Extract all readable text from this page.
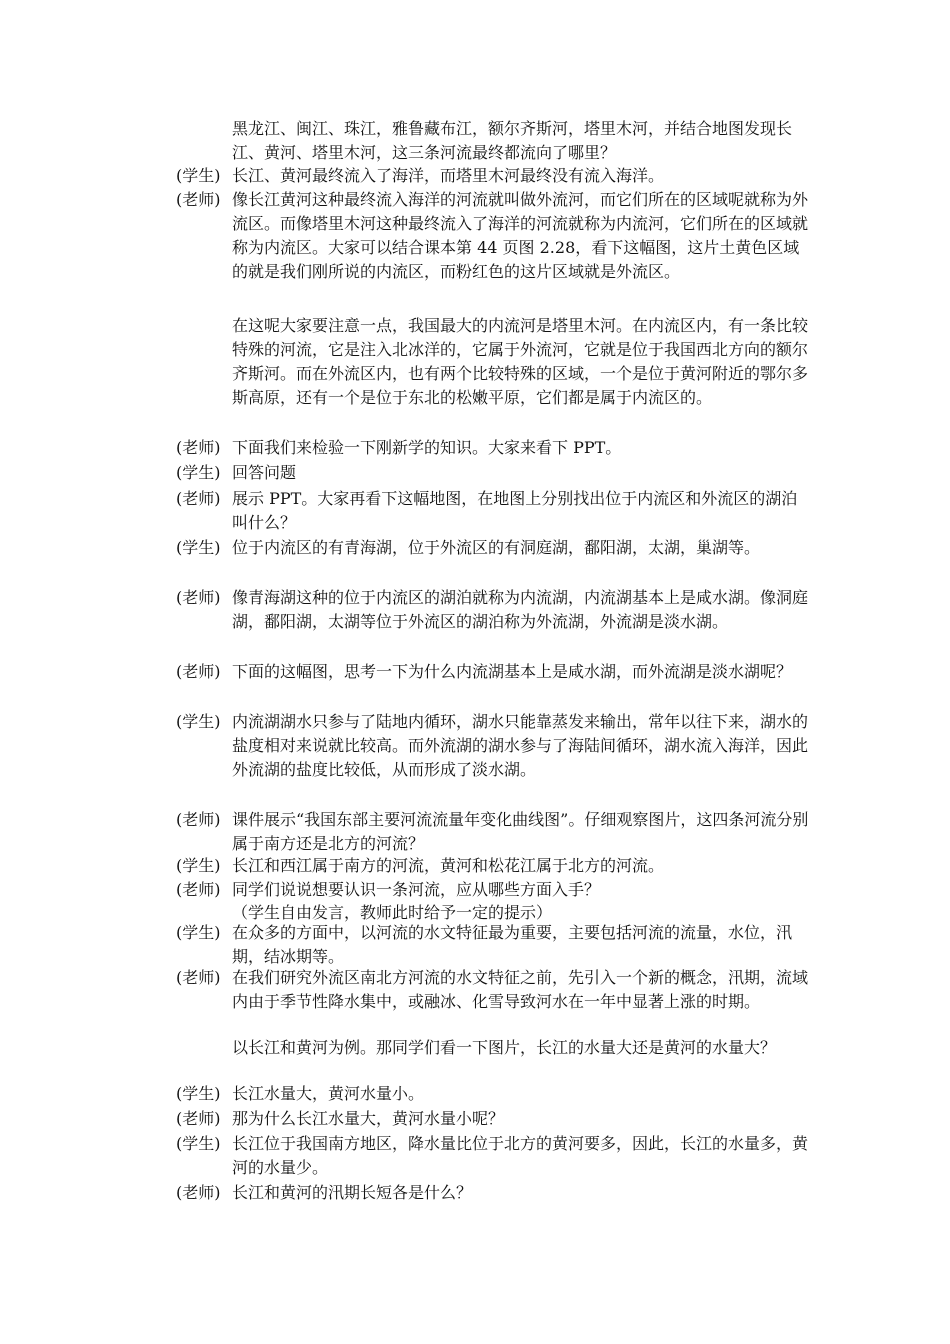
黑龙江、闽江、珠江，雅鲁藏布江，额尔齐斯河，塔里木河，并结合地图发现长江、黄河、塔里木河，这三条河流最终都流向了哪里？
(学生) 长江、黄河最终流入了海洋，而塔里木河最终没有流入海洋。
(老师) 像长江黄河这种最终流入海洋的河流就叫做外流河，而它们所在的区域呢就称为外流区。而像塔里木河这种最终流入了海洋的河流就称为内流河，它们所在的区域就称为内流区。大家可以结合课本第 44 页图 2.28，看下这幅图，这片土黄色区域的就是我们刚所说的内流区，而粉红色的这片区域就是外流区。
在这呢大家要注意一点，我国最大的内流河是塔里木河。在内流区内，有一条比较特殊的河流，它是注入北冰洋的，它属于外流河，它就是位于我国西北方向的额尔齐斯河。而在外流区内，也有两个比较特殊的区域，一个是位于黄河附近的鄂尔多斯高原，还有一个是位于东北的松嫩平原，它们都是属于内流区的。
(老师) 下面我们来检验一下刚新学的知识。大家来看下 PPT。
(学生) 回答问题
(老师) 展示 PPT。大家再看下这幅地图，在地图上分别找出位于内流区和外流区的湖泊叫什么？
(学生) 位于内流区的有青海湖，位于外流区的有洞庭湖，鄱阳湖，太湖，巢湖等。
(老师) 像青海湖这种的位于内流区的湖泊就称为内流湖，内流湖基本上是咸水湖。像洞庭湖，鄱阳湖，太湖等位于外流区的湖泊称为外流湖，外流湖是淡水湖。
(老师) 下面的这幅图，思考一下为什么内流湖基本上是咸水湖，而外流湖是淡水湖呢？
(学生) 内流湖湖水只参与了陆地内循环，湖水只能靠蒸发来输出，常年以往下来，湖水的盐度相对来说就比较高。而外流湖的湖水参与了海陆间循环，湖水流入海洋，因此外流湖的盐度比较低，从而形成了淡水湖。
(老师) 课件展示“我国东部主要河流流量年变化曲线图”。仔细观察图片，这四条河流分别属于南方还是北方的河流？
(学生) 长江和西江属于南方的河流，黄河和松花江属于北方的河流。
(老师) 同学们说说想要认识一条河流，应从哪些方面入手？
（学生自由发言，教师此时给予一定的提示）
(学生) 在众多的方面中，以河流的水文特征最为重要，主要包括河流的流量，水位，汛期，结冰期等。
(老师) 在我们研究外流区南北方河流的水文特征之前，先引入一个新的概念，汛期，流域内由于季节性降水集中，或融冰、化雪导致河水在一年中显著上涨的时期。
以长江和黄河为例。那同学们看一下图片，长江的水量大还是黄河的水量大？
(学生) 长江水量大，黄河水量小。
(老师) 那为什么长江水量大，黄河水量小呢？
(学生) 长江位于我国南方地区，降水量比位于北方的黄河要多，因此，长江的水量多，黄河的水量少。
(老师) 长江和黄河的汛期长短各是什么？
